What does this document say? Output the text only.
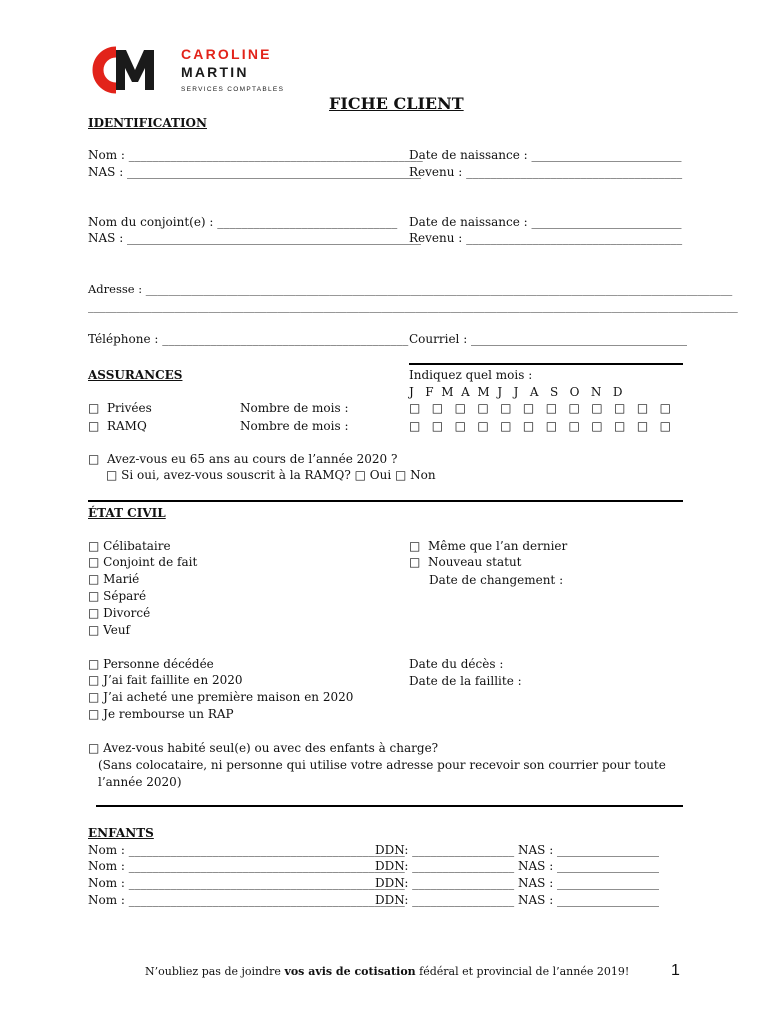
CAROLINE
MARTIN
SERVICES COMPTABLES
FICHE CLIENT
IDENTIFICATION
Nom : _________________________________________________
NAS : _________________________________________________
Date de naissance : _________________________
Revenu : ____________________________________
Nom du conjoint(e) : ______________________________
NAS : _________________________________________________
Date de naissance : _________________________
Revenu : ____________________________________
Adresse : ______________________________________________________________________________________________________
_________________________________________________________________________________________________________________
Téléphone : _________________________________________ Courriel : ____________________________________
ASSURANCES	Indiquez quel mois :
J   F  M  A  M  J   J   A   S   O   N   D
□  Privées
□  RAMQ
Nombre de mois :
Nombre de mois :
□   □   □   □   □   □   □   □   □   □   □   □
□   □   □   □   □   □   □   □   □   □   □   □
□  Avez-vous eu 65 ans au cours de l’année 2020 ?
□ Si oui, avez-vous souscrit à la RAMQ? □ Oui □ Non
ÉTAT CIVIL
□ Célibataire
□ Conjoint de fait
□ Marié
□ Séparé
□ Divorcé
□ Veuf
□  Même que l’an dernier
□  Nouveau statut
Date de changement :
□ Personne décédée
□ J’ai fait faillite en 2020
□ J’ai acheté une première maison en 2020
□ Je rembourse un RAP
Date du décès :
Date de la faillite :
□ Avez-vous habité seul(e) ou avec des enfants à charge?
(Sans colocataire, ni personne qui utilise votre adresse pour recevoir son courrier pour toute
l’année 2020)
ENFANTS
Nom : ______________________________________________
DDN: _________________ NAS : _________________
Nom : ______________________________________________
DDN: _________________ NAS : _________________
Nom : ______________________________________________
DDN: _________________ NAS : _________________
Nom : ______________________________________________
DDN: _________________ NAS : _________________
N’oubliez pas de joindre vos avis de cotisation fédéral et provincial de l’année 2019!	1
